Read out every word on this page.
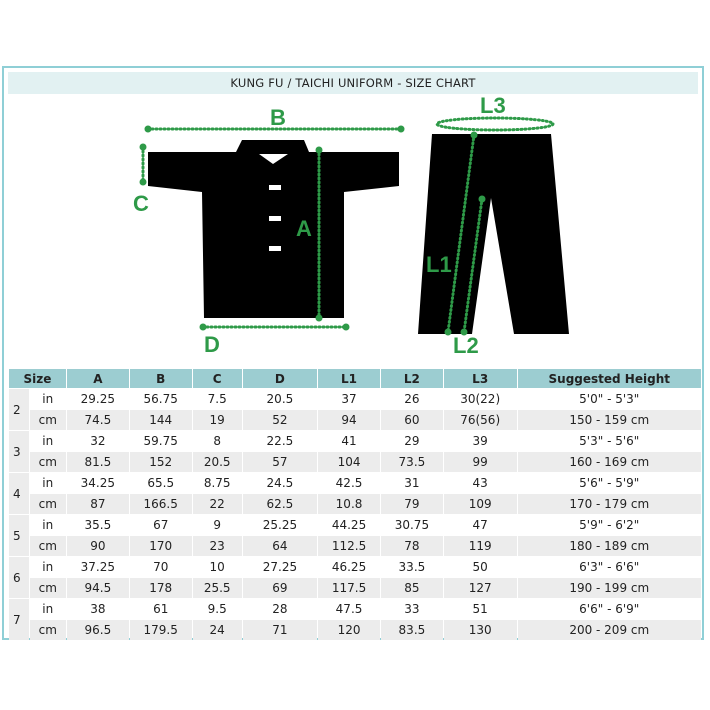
KUNG FU / TAICHI UNIFORM - SIZE CHART
B
C
A
D
L3
L1
L2
Size		A	B	C	D	L1	L2	L3	Suggested Height
2	in	29.25	56.75	7.5	20.5	37	26	30(22)	5'0" - 5'3"
	cm	74.5	144	19	52	94	60	76(56)	150 - 159 cm
3	in	32	59.75	8	22.5	41	29	39	5'3" - 5'6"
	cm	81.5	152	20.5	57	104	73.5	99	160 - 169 cm
4	in	34.25	65.5	8.75	24.5	42.5	31	43	5'6" - 5'9"
	cm	87	166.5	22	62.5	10.8	79	109	170 - 179 cm
5	in	35.5	67	9	25.25	44.25	30.75	47	5'9" - 6'2"
	cm	90	170	23	64	112.5	78	119	180 - 189 cm
6	in	37.25	70	10	27.25	46.25	33.5	50	6'3" - 6'6"
	cm	94.5	178	25.5	69	117.5	85	127	190 - 199 cm
7	in	38	61	9.5	28	47.5	33	51	6'6" - 6'9"
	cm	96.5	179.5	24	71	120	83.5	130	200 - 209 cm
